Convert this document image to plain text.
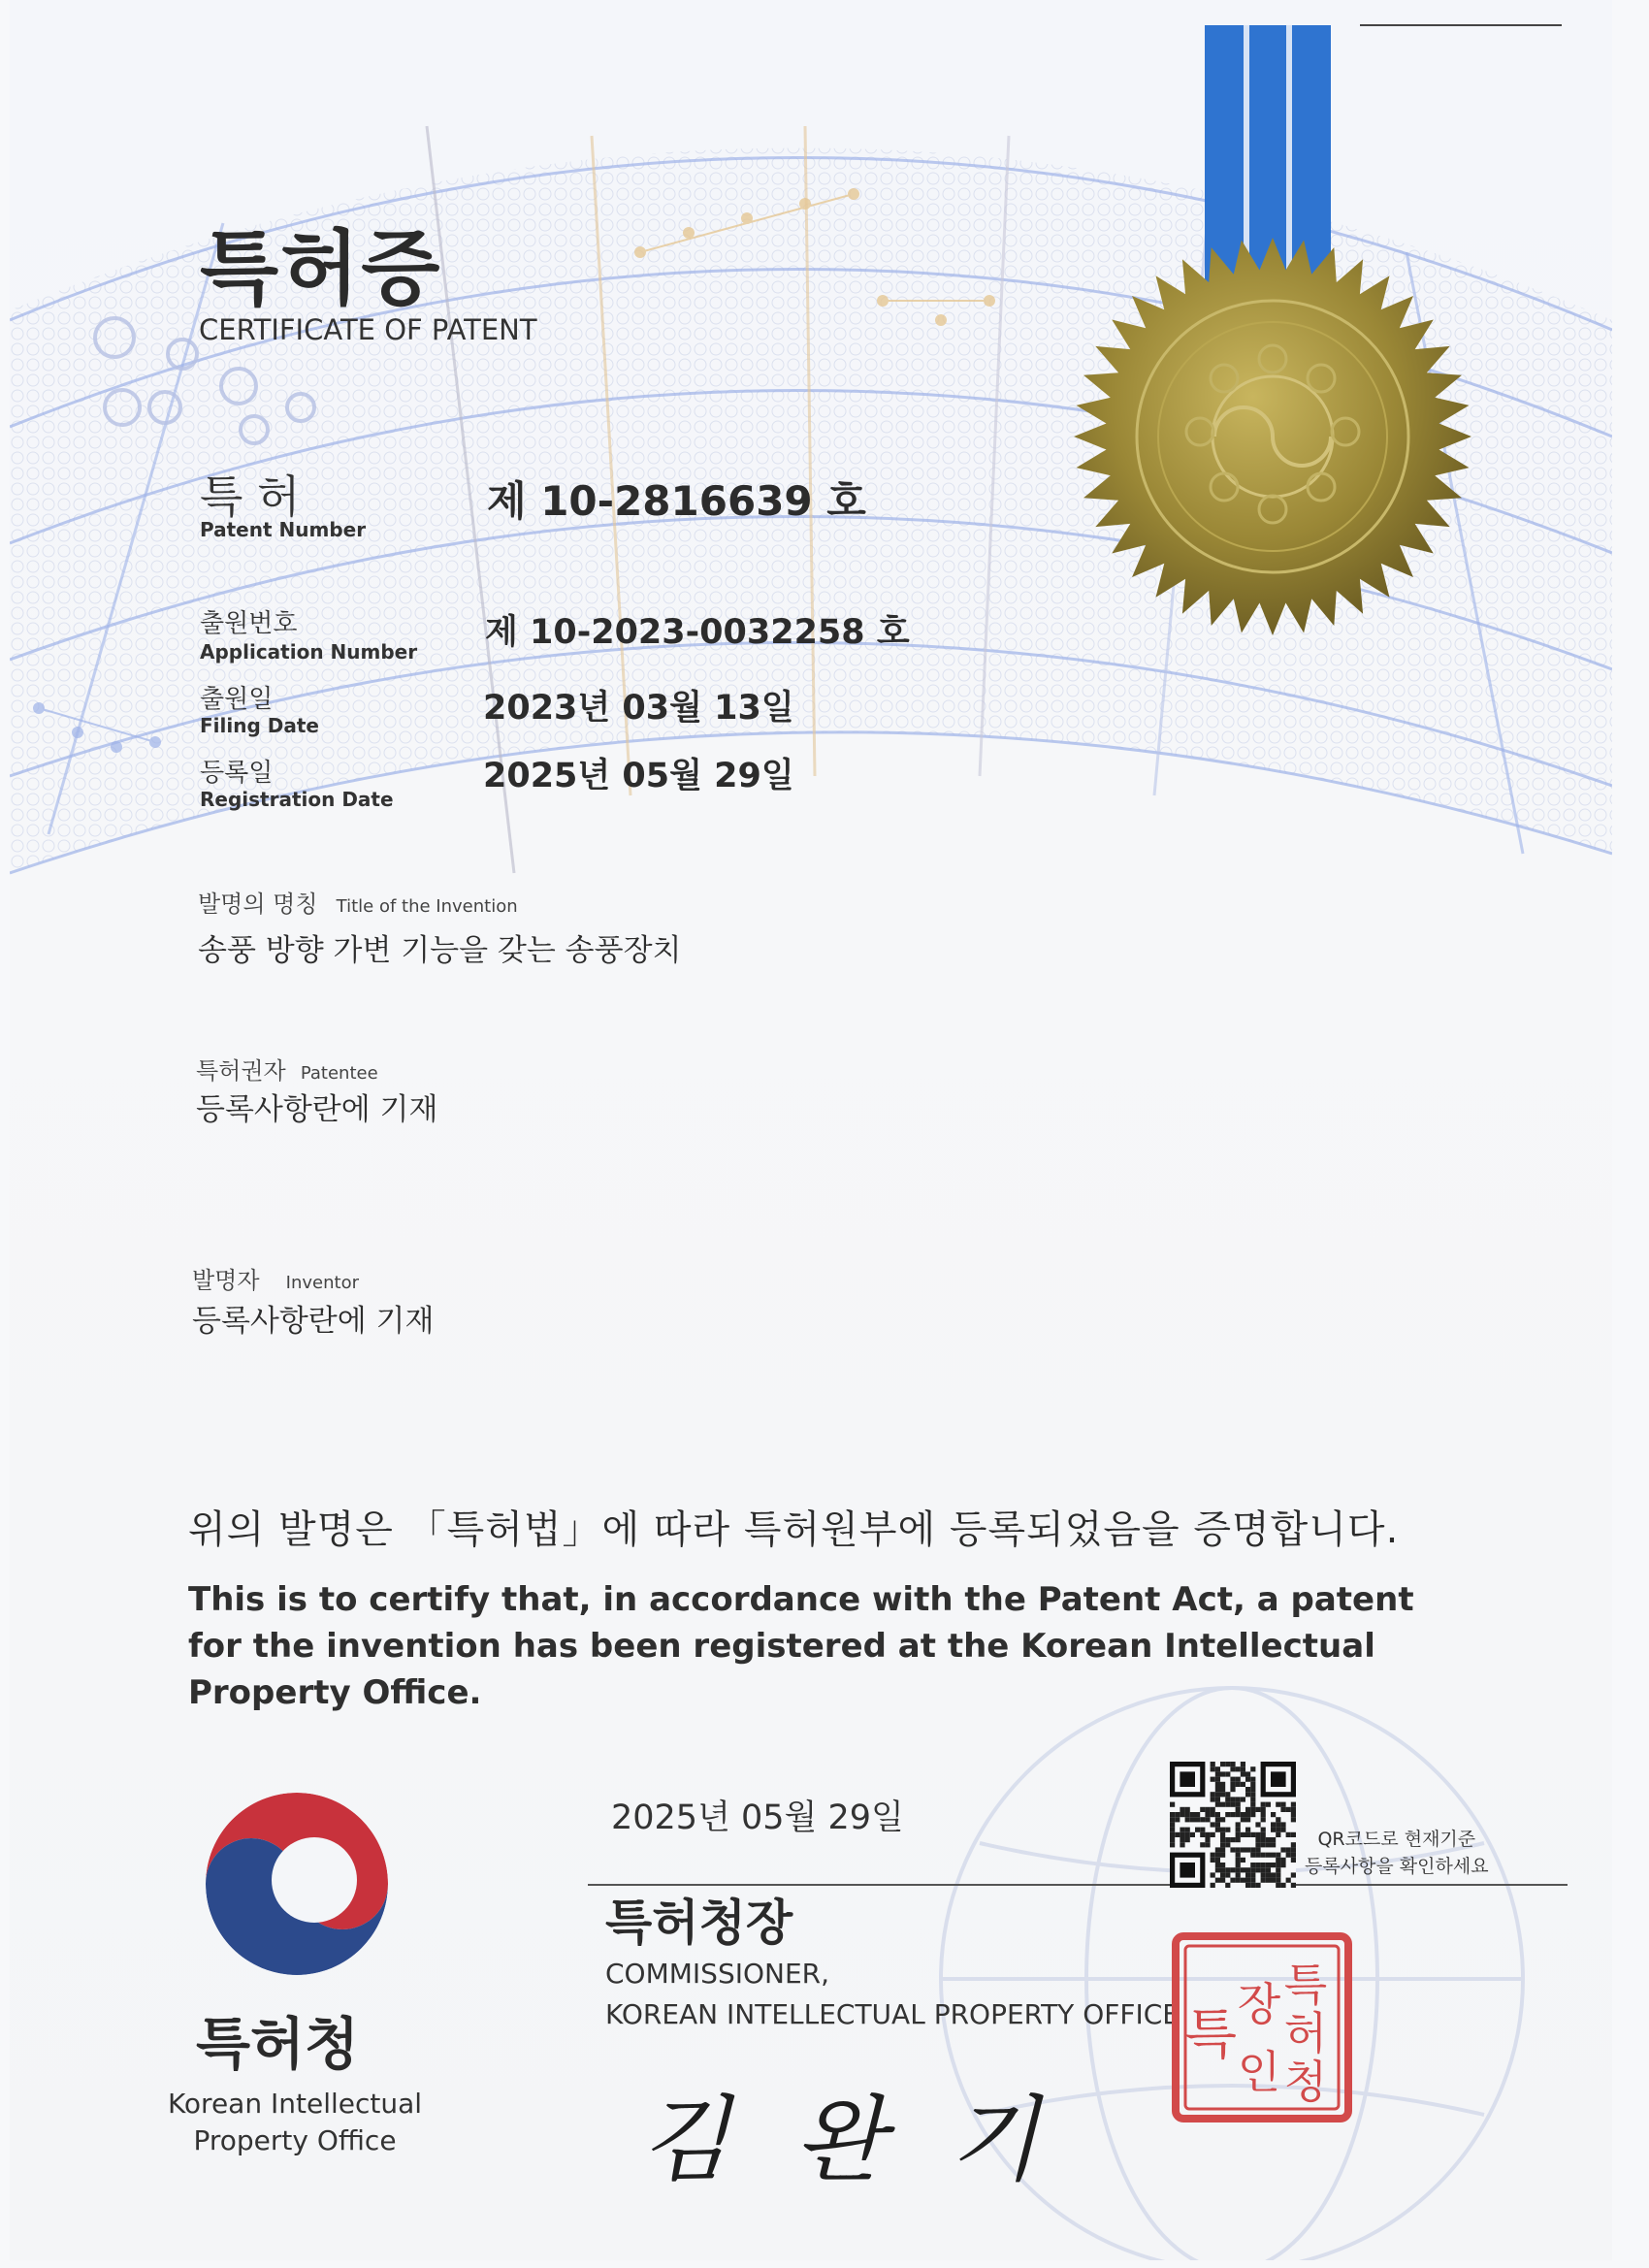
특허증
CERTIFICATE OF PATENT
특 허
Patent Number
제 10-2816639 호
출원번호
Application Number 제 10-2023-0032258 호
출원일
Filing Date	2023년 03월 13일
등록일
Registration Date
2025년 05월 29일
발명의 명칭 Title of the Invention
송풍 방향 가변 기능을 갖는 송풍장치
특허권자 Patentee
등록사항란에 기재
발명자 Inventor
등록사항란에 기재
위의 발명은 「특허법」에 따라 특허원부에 등록되었음을 증명합니다.
This is to certify that, in accordance with the Patent Act, a patent for the invention has been registered at the Korean Intellectual Property Office.
특허청
Korean Intellectual Property Office
2025년 05월 29일
특허청장
COMMISSIONER,
KOREAN INTELLECTUAL PROPERTY OFFICE
김 완 기
QR코드로 현재기준
등록사항을 확인하세요
특
허
청
장
인
특
